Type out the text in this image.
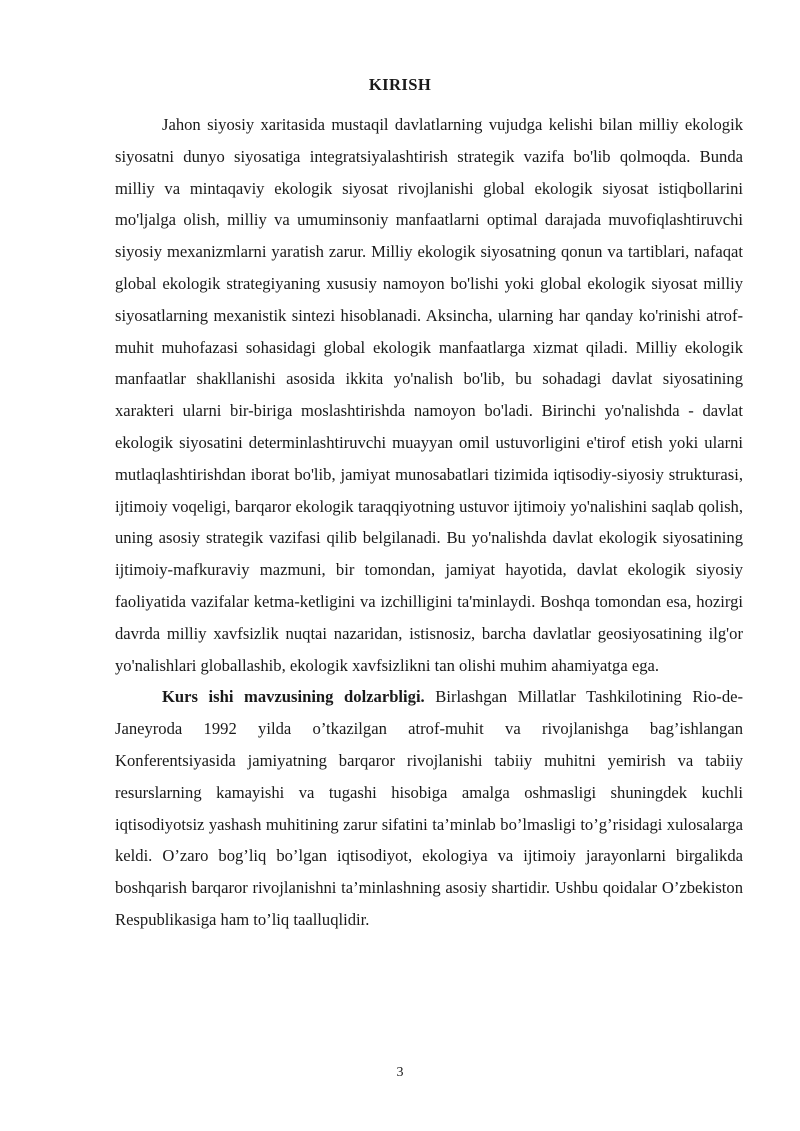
KIRISH

Jahon siyosiy xaritasida mustaqil davlatlarning vujudga kelishi bilan milliy ekologik siyosatni dunyo siyosatiga integratsiyalashtirish strategik vazifa bo'lib qolmoqda. Bunda milliy va mintaqaviy ekologik siyosat rivojlanishi global ekologik siyosat istiqbollarini mo'ljalga olish, milliy va umuminsoniy manfaatlarni optimal darajada muvofiqlashtiruvchi siyosiy mexanizmlarni yaratish zarur. Milliy ekologik siyosatning qonun va tartiblari, nafaqat global ekologik strategiyaning xususiy namoyon bo'lishi yoki global ekologik siyosat milliy siyosatlarning mexanistik sintezi hisoblanadi. Aksincha, ularning har qanday ko'rinishi atrof-muhit muhofazasi sohasidagi global ekologik manfaatlarga xizmat qiladi. Milliy ekologik manfaatlar shakllanishi asosida ikkita yo'nalish bo'lib, bu sohadagi davlat siyosatining xarakteri ularni bir-biriga moslashtirishda namoyon bo'ladi. Birinchi yo'nalishda - davlat ekologik siyosatini determinlashtiruvchi muayyan omil ustuvorligini e'tirof etish yoki ularni mutlaqlashtirishdan iborat bo'lib, jamiyat munosabatlari tizimida iqtisodiy-siyosiy strukturasi, ijtimoiy voqeligi, barqaror ekologik taraqqiyotning ustuvor ijtimoiy yo'nalishini saqlab qolish, uning asosiy strategik vazifasi qilib belgilanadi. Bu yo'nalishda davlat ekologik siyosatining ijtimoiy-mafkuraviy mazmuni, bir tomondan, jamiyat hayotida, davlat ekologik siyosiy faoliyatida vazifalar ketma-ketligini va izchilligini ta'minlaydi. Boshqa tomondan esa, hozirgi davrda milliy xavfsizlik nuqtai nazaridan, istisnosiz, barcha davlatlar geosiyosatining ilg'or yo'nalishlari globallashib, ekologik xavfsizlikni tan olishi muhim ahamiyatga ega.

Kurs ishi mavzusining dolzarbligi. Birlashgan Millatlar Tashkilotining Rio-de-Janeyroda 1992 yilda o’tkazilgan atrof-muhit va rivojlanishga bag’ishlangan Konferentsiyasida jamiyatning barqaror rivojlanishi tabiiy muhitni yemirish va tabiiy resurslarning kamayishi va tugashi hisobiga amalga oshmasligi shuningdek kuchli iqtisodiyotsiz yashash muhitining zarur sifatini ta’minlab bo’lmasligi to’g’risidagi xulosalarga keldi. O’zaro bog’liq bo’lgan iqtisodiyot, ekologiya va ijtimoiy jarayonlarni birgalikda boshqarish barqaror rivojlanishni ta’minlashning asosiy shartidir. Ushbu qoidalar O’zbekiston Respublikasiga ham to’liq taalluqlidir.

3
